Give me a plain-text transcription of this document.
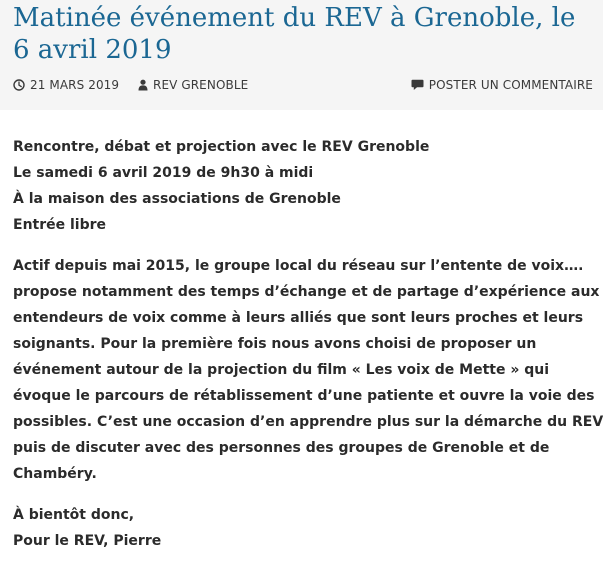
Matinée événement du REV à Grenoble, le 6 avril 2019
21 MARS 2019	REV GRENOBLE	POSTER UN COMMENTAIRE

Rencontre, débat et projection avec le REV Grenoble
Le samedi 6 avril 2019 de 9h30 à midi
À la maison des associations de Grenoble
Entrée libre

Actif depuis mai 2015, le groupe local du réseau sur l’entente de voix….
propose notamment des temps d’échange et de partage d’expérience aux
entendeurs de voix comme à leurs alliés que sont leurs proches et leurs
soignants. Pour la première fois nous avons choisi de proposer un
événement autour de la projection du film « Les voix de Mette » qui
évoque le parcours de rétablissement d’une patiente et ouvre la voie des
possibles. C’est une occasion d’en apprendre plus sur la démarche du REV
puis de discuter avec des personnes des groupes de Grenoble et de
Chambéry.

À bientôt donc,
Pour le REV, Pierre
